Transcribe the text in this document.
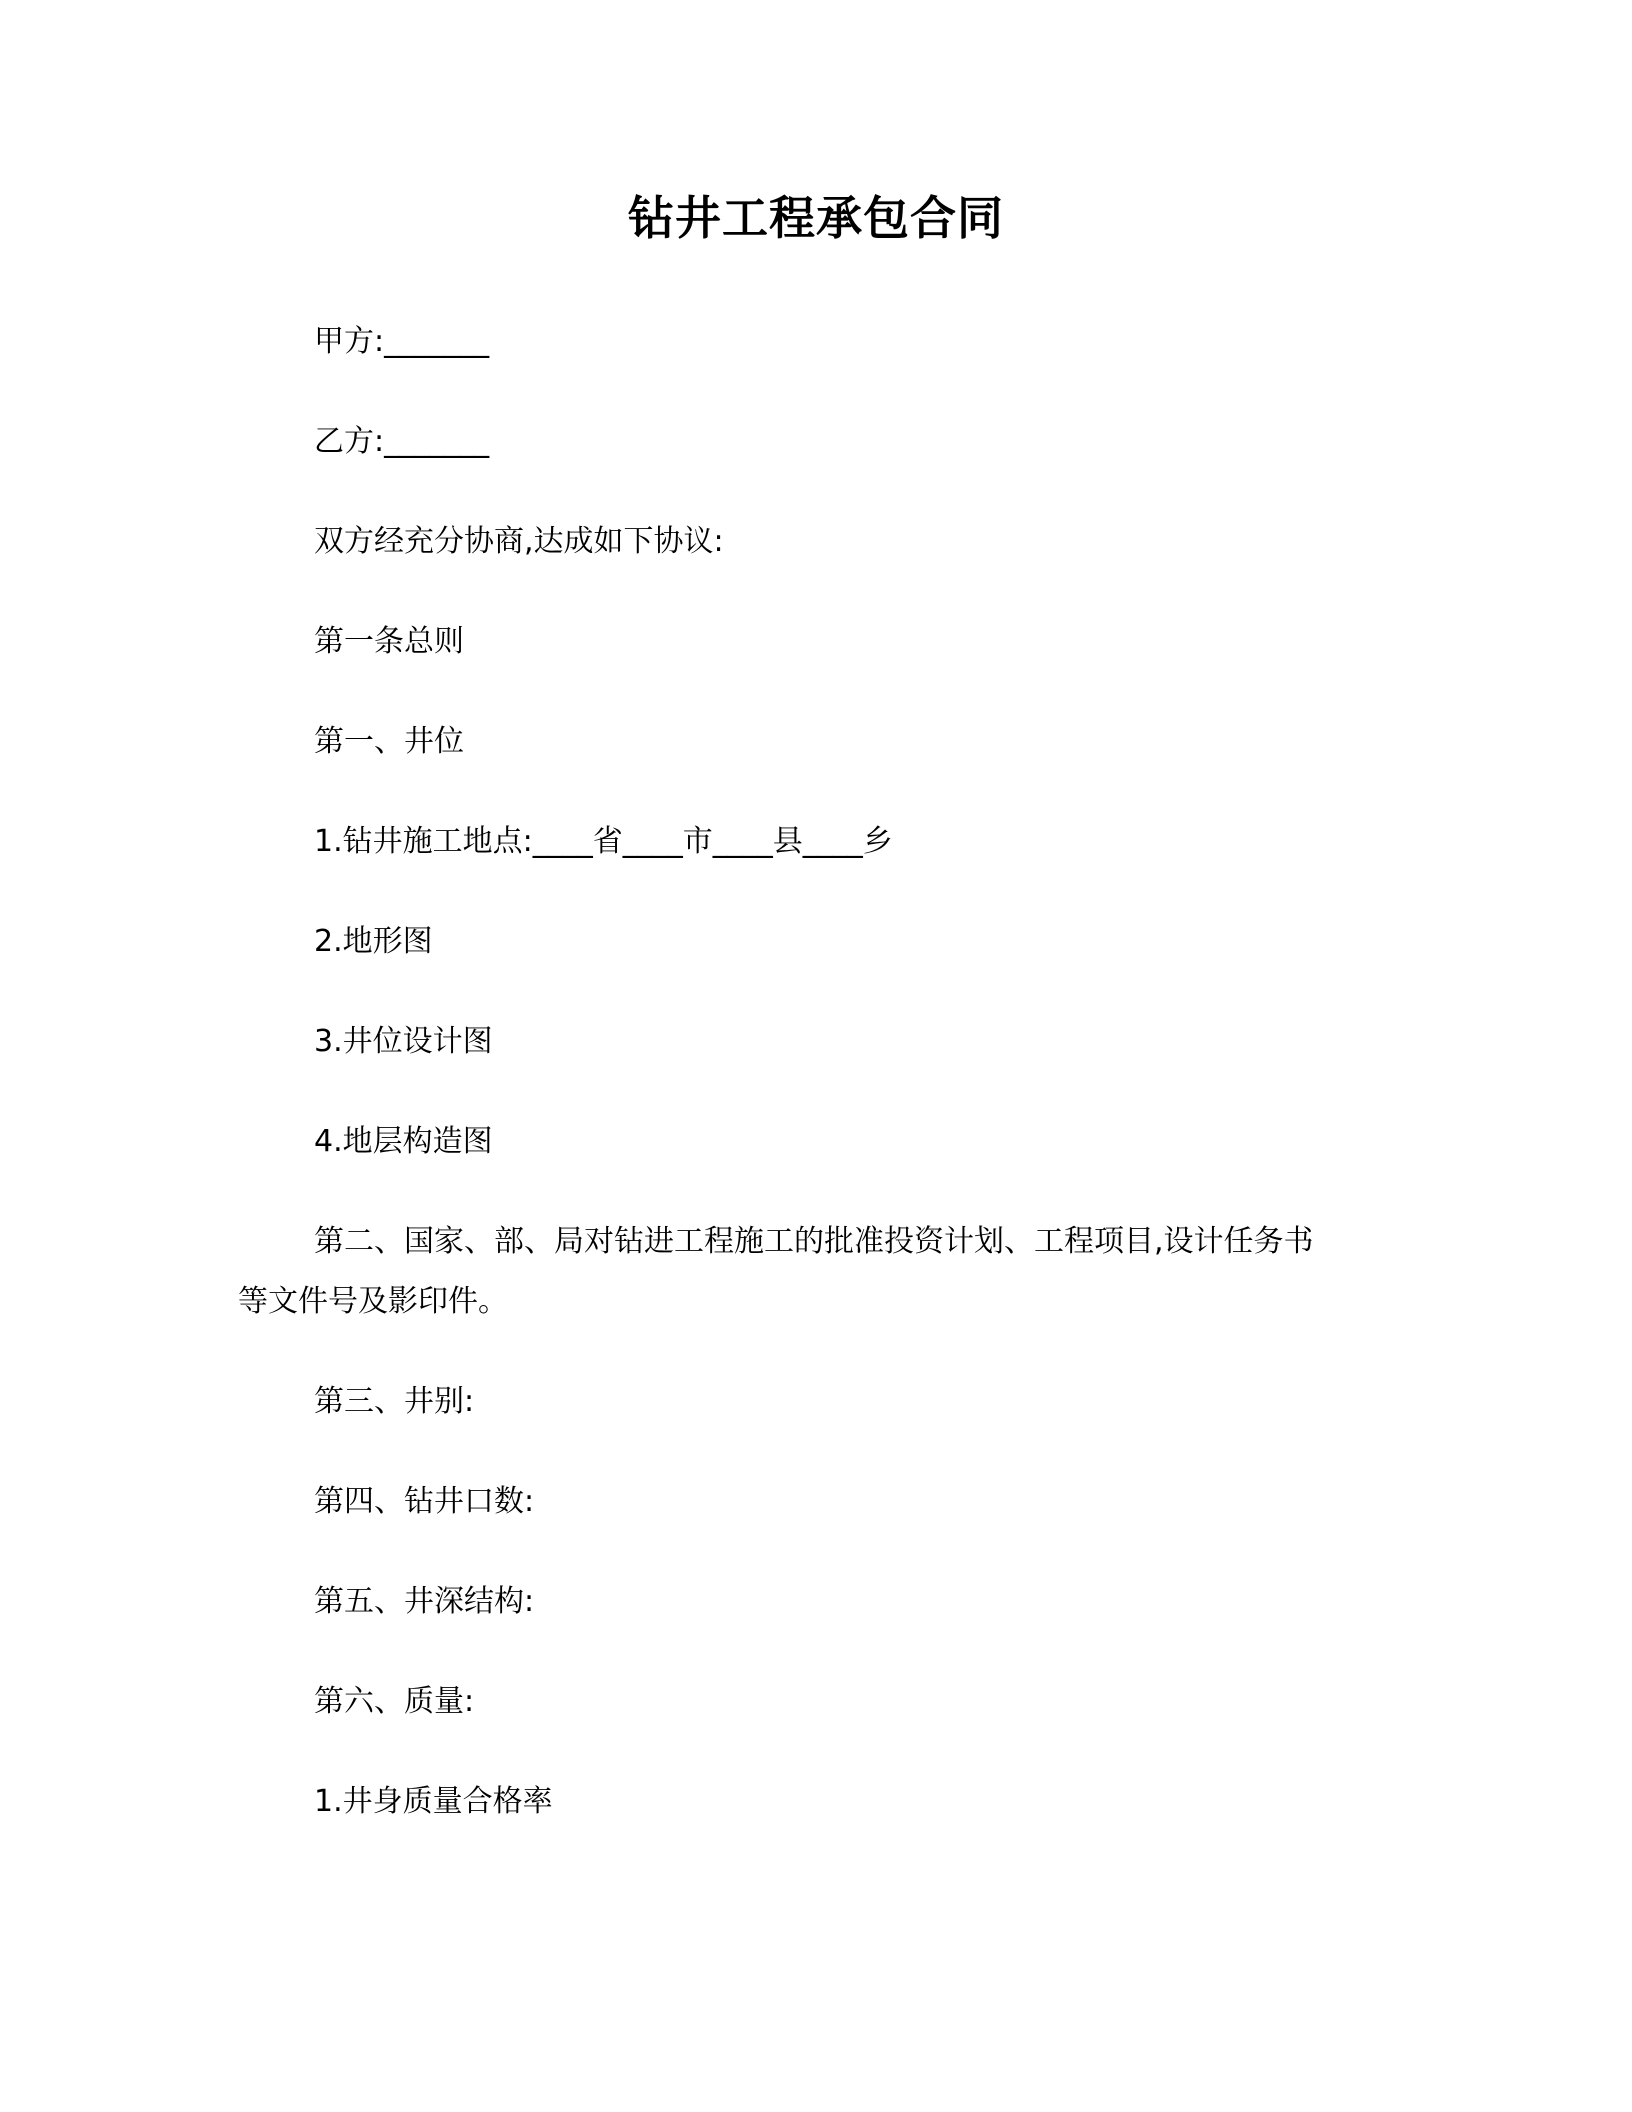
钻井工程承包合同
甲方:_______
乙方:_______
双方经充分协商,达成如下协议:
第一条总则
第一、井位
1.钻井施工地点:____省____市____县____乡
2.地形图
3.井位设计图
4.地层构造图
第二、国家、部、局对钻进工程施工的批准投资计划、工程项目,设计任务书
等文件号及影印件。
第三、井别:
第四、钻井口数:
第五、井深结构:
第六、质量:
1.井身质量合格率
